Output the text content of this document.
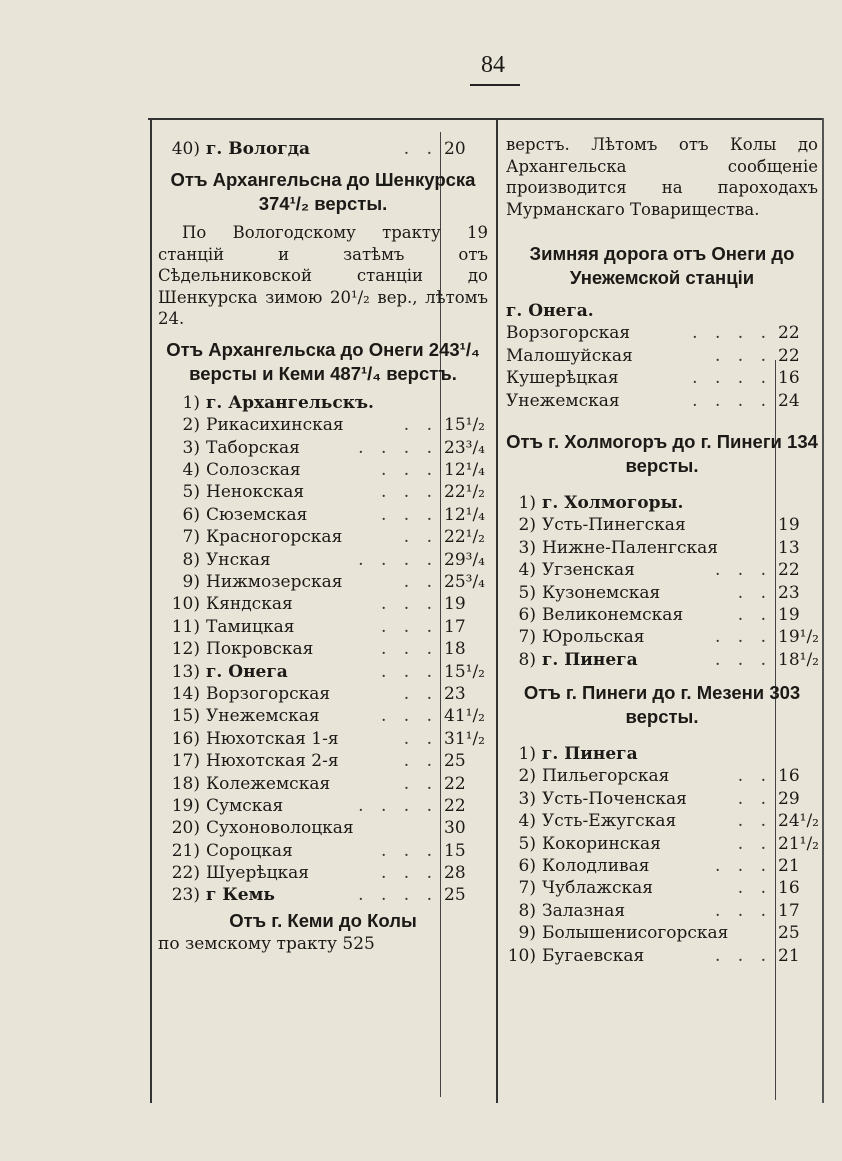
84
40) г. Вологда	. . 20
Отъ Архангельсна до Шенкурска 374¹/₂ версты.
По Вологодскому тракту 19 станцій и затѣмъ отъ Сѣдельниковской станціи до Шенкурска зимою 20¹/₂ вер., лѣтомъ 24.
Отъ Архангельска до Онеги 243¹/₄ версты и Кеми 487¹/₄ верстъ.
1) г. Архангельскъ.
2) Рикасихинская	. . 15¹/₂
3) Таборская	. . . . 23³/₄
4) Солозская	. . . 12¹/₄
5) Ненокская	. . . 22¹/₂
6) Сюземская	. . . 12¹/₄
7) Красногорская	. . 22¹/₂
8) Унская	. . . . 29³/₄
9) Нижмозерская	. . 25³/₄
10) Кяндская	. . . 19
11) Тамицкая	. . . 17
12) Покровская	. . . 18
13) г. Онега	. . . 15¹/₂
14) Ворзогорская	. . 23
15) Унежемская	. . . 41¹/₂
16) Нюхотская 1-я	. . 31¹/₂
17) Нюхотская 2-я	. . 25
18) Колежемская	. . 22
19) Сумская	. . . . 22
20) Сухоноволоцкая	30
21) Сороцкая	. . . 15
22) Шуерѣцкая	. . . 28
23) г Кемь	. . . . 25
Отъ г. Кеми до Колы
по земскому тракту 525
верстъ. Лѣтомъ отъ Колы до Архангельска сообщеніе производится на пароходахъ Мурманскаго Товарищества.
Зимняя дорога отъ Онеги до Унежемской станціи
г. Онега.
Ворзогорская	. . . . 22
Малошуйская	. . . 22
Кушерѣцкая	. . . . 16
Унежемская	. . . . 24
Отъ г. Холмогоръ до г. Пинеги 134 версты.
1) г. Холмогоры.
2) Усть-Пинегская	19
3) Нижне-Паленгская	13
4) Угзенская	. . . 22
5) Кузонемская	. . 23
6) Великонемская	. . 19
7) Юрольская	. . . 19¹/₂
8) г. Пинега	. . . 18¹/₂
Отъ г. Пинеги до г. Мезени 303 версты.
1) г. Пинега
2) Пильегорская	. . 16
3) Усть-Поченская	. . 29
4) Усть-Ежугская	. . 24¹/₂
5) Кокоринская	. . 21¹/₂
6) Колодливая	. . . 21
7) Чублажская	. . 16
8) Залазная	. . . 17
9) Болышенисогорская	25
10) Бугаевская	. . . 21
